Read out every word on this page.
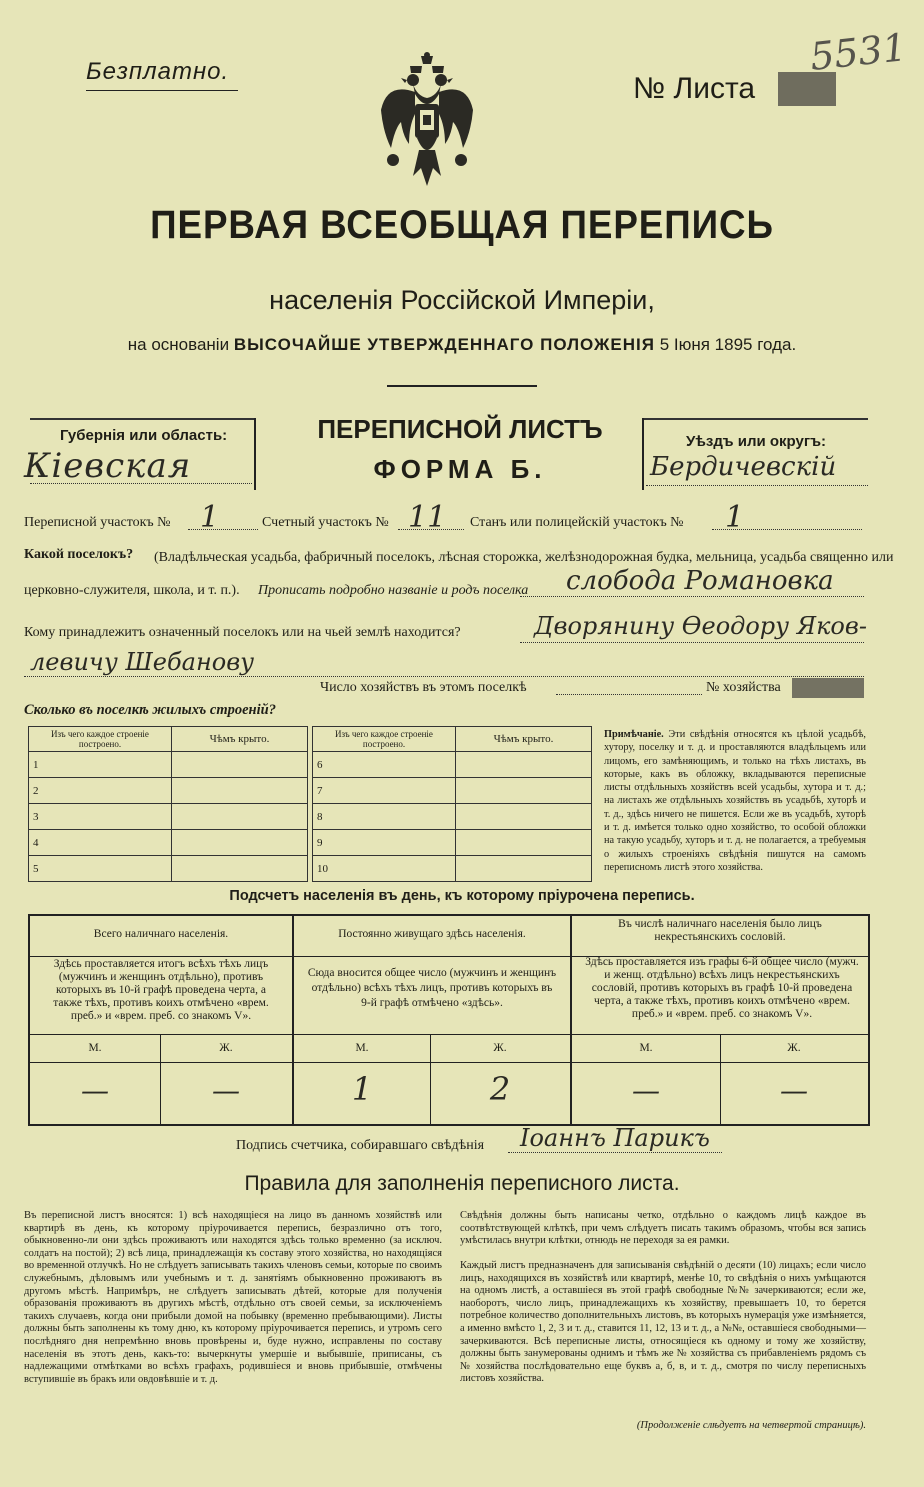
Безплатно.
№ Листа
5531
ПЕРВАЯ ВСЕОБЩАЯ ПЕРЕПИСЬ
населенія Россійской Имперіи,
на основаніи ВЫСОЧАЙШЕ УТВЕРЖДЕННАГО ПОЛОЖЕНІЯ 5 Іюня 1895 года.
ПЕРЕПИСНОЙ ЛИСТЪ
ФОРМА Б.
Губернія или область:
Кіевская
Уѣздъ или округъ:
Бердичевскій
Переписной участокъ № 1	Счетный участокъ № 11 Станъ или полицейскій участокъ № 1
Какой поселокъ? (Владѣльческая усадьба, фабричный поселокъ, лѣсная сторожка, желѣзнодорожная будка, мельница, усадьба священно или
церковно-служителя, школа, и т. п.). Прописать подробно названіе и родъ поселка слобода Романовка
Кому принадлежитъ означенный поселокъ или на чьей землѣ находится?	Дворянину Өеодору Яков-
левичу Шебанову
Число хозяйствъ въ этомъ поселкѣ	№ хозяйства
Сколько въ поселкѣ жилыхъ строеній?
Изъ чего каждое строеніе построено.	Чѣмъ крыто.
1	
2	
3	
4	
5	
Изъ чего каждое строеніе построено.	Чѣмъ крыто.
6	
7	
8	
9	
10	
Примѣчаніе. Эти свѣдѣнія относятся къ цѣлой усадьбѣ, хутору, поселку и т. д. и проставляются владѣльцемъ или лицомъ, его замѣняющимъ, и только на тѣхъ листахъ, въ которые, какъ въ обложку, вкладываются переписные листы отдѣльныхъ хозяйствъ всей усадьбы, хутора и т. д.; на листахъ же отдѣльныхъ хозяйствъ въ усадьбѣ, хуторѣ и т. д., здѣсь ничего не пишется. Если же въ усадьбѣ, хуторѣ и т. д. имѣется только одно хозяйство, то особой обложки на такую усадьбу, хуторъ и т. д. не полагается, а требуемыя о жилыхъ строеніяхъ свѣдѣнія пишутся на самомъ переписномъ листѣ этого хозяйства.
Подсчетъ населенія въ день, къ которому пріурочена перепись.
Всего наличнаго населенія.
Здѣсь проставляется итогъ всѣхъ тѣхъ лицъ (мужчинъ и женщинъ отдѣльно), противъ которыхъ въ 10-й графѣ проведена черта, а также тѣхъ, противъ коихъ отмѣчено «врем. преб.» и «врем. преб. со знакомъ V».
Постоянно живущаго здѣсь населенія.
Сюда вносится общее число (мужчинъ и женщинъ отдѣльно) всѣхъ тѣхъ лицъ, противъ которыхъ въ 9-й графѣ отмѣчено «здѣсь».
Въ числѣ наличнаго населенія было лицъ некрестьянскихъ сословій.
Здѣсь проставляется изъ графы 6-й общее число (мужч. и женщ. отдѣльно) всѣхъ лицъ некрестьянскихъ сословій, противъ которыхъ въ графѣ 10-й проведена черта, а также тѣхъ, противъ коихъ отмѣчено «врем. преб.» и «врем. преб. со знакомъ V».
М.	Ж.	М.	Ж.	М.	Ж.
—	—	1	2	—	—
Подпись счетчика, собиравшаго свѣдѣнія Іоаннъ Парикъ
Правила для заполненія переписного листа.
Въ переписной листъ вносятся: 1) всѣ находящіеся на лицо въ данномъ хозяйствѣ или квартирѣ въ день, къ которому пріурочивается перепись, безразлично отъ того, обыкновенно-ли они здѣсь проживаютъ или находятся здѣсь только временно (за исключ. солдатъ на постой); 2) всѣ лица, принадлежащія къ составу этого хозяйства, но находящіяся во временной отлучкѣ. Но не слѣдуетъ записывать такихъ членовъ семьи, которые по своимъ служебнымъ, дѣловымъ или учебнымъ и т. д. занятіямъ обыкновенно проживаютъ въ другомъ мѣстѣ. Напримѣръ, не слѣдуетъ записывать дѣтей, которые для полученія образованія проживаютъ въ другихъ мѣстѣ, отдѣльно отъ своей семьи, за исключеніемъ такихъ случаевъ, когда они прибыли домой на побывку (временно пребывающими). Листы должны быть заполнены къ тому дню, къ которому пріурочивается перепись, и утромъ сего послѣдняго дня непремѣнно вновь провѣрены и, буде нужно, исправлены по составу населенія въ этотъ день, какъ-то: вычеркнуты умершіе и выбывшіе, приписаны, съ надлежащими отмѣтками во всѣхъ графахъ, родившіеся и вновь прибывшіе, отмѣчены вступившіе въ бракъ или овдовѣвшіе и т. д.
Свѣдѣнія должны быть написаны четко, отдѣльно о каждомъ лицѣ каждое въ соотвѣтствующей клѣткѣ, при чемъ слѣдуетъ писать такимъ образомъ, чтобы вся запись умѣстилась внутри клѣтки, отнюдь не переходя за ея рамки.
Каждый листъ предназначенъ для записыванія свѣдѣній о десяти (10) лицахъ; если число лицъ, находящихся въ хозяйствѣ или квартирѣ, менѣе 10, то свѣдѣнія о нихъ умѣщаются на одномъ листѣ, а оставшіеся въ этой графѣ свободные №№ зачеркиваются; если же, наоборотъ, число лицъ, принадлежащихъ къ хозяйству, превышаетъ 10, то берется потребное количество дополнительныхъ листовъ, въ которыхъ нумерація уже измѣняется, а именно вмѣсто 1, 2, 3 и т. д., ставится 11, 12, 13 и т. д., а №№, оставшіеся свободными—зачеркиваются. Всѣ переписные листы, относящіеся къ одному и тому же хозяйству, должны быть занумерованы однимъ и тѣмъ же № хозяйства съ прибавленіемъ рядомъ съ № хозяйства послѣдовательно еще буквъ а, б, в, и т. д., смотря по числу переписныхъ листовъ хозяйства.
(Продолженіе слѣдуетъ на четвертой страницѣ).
